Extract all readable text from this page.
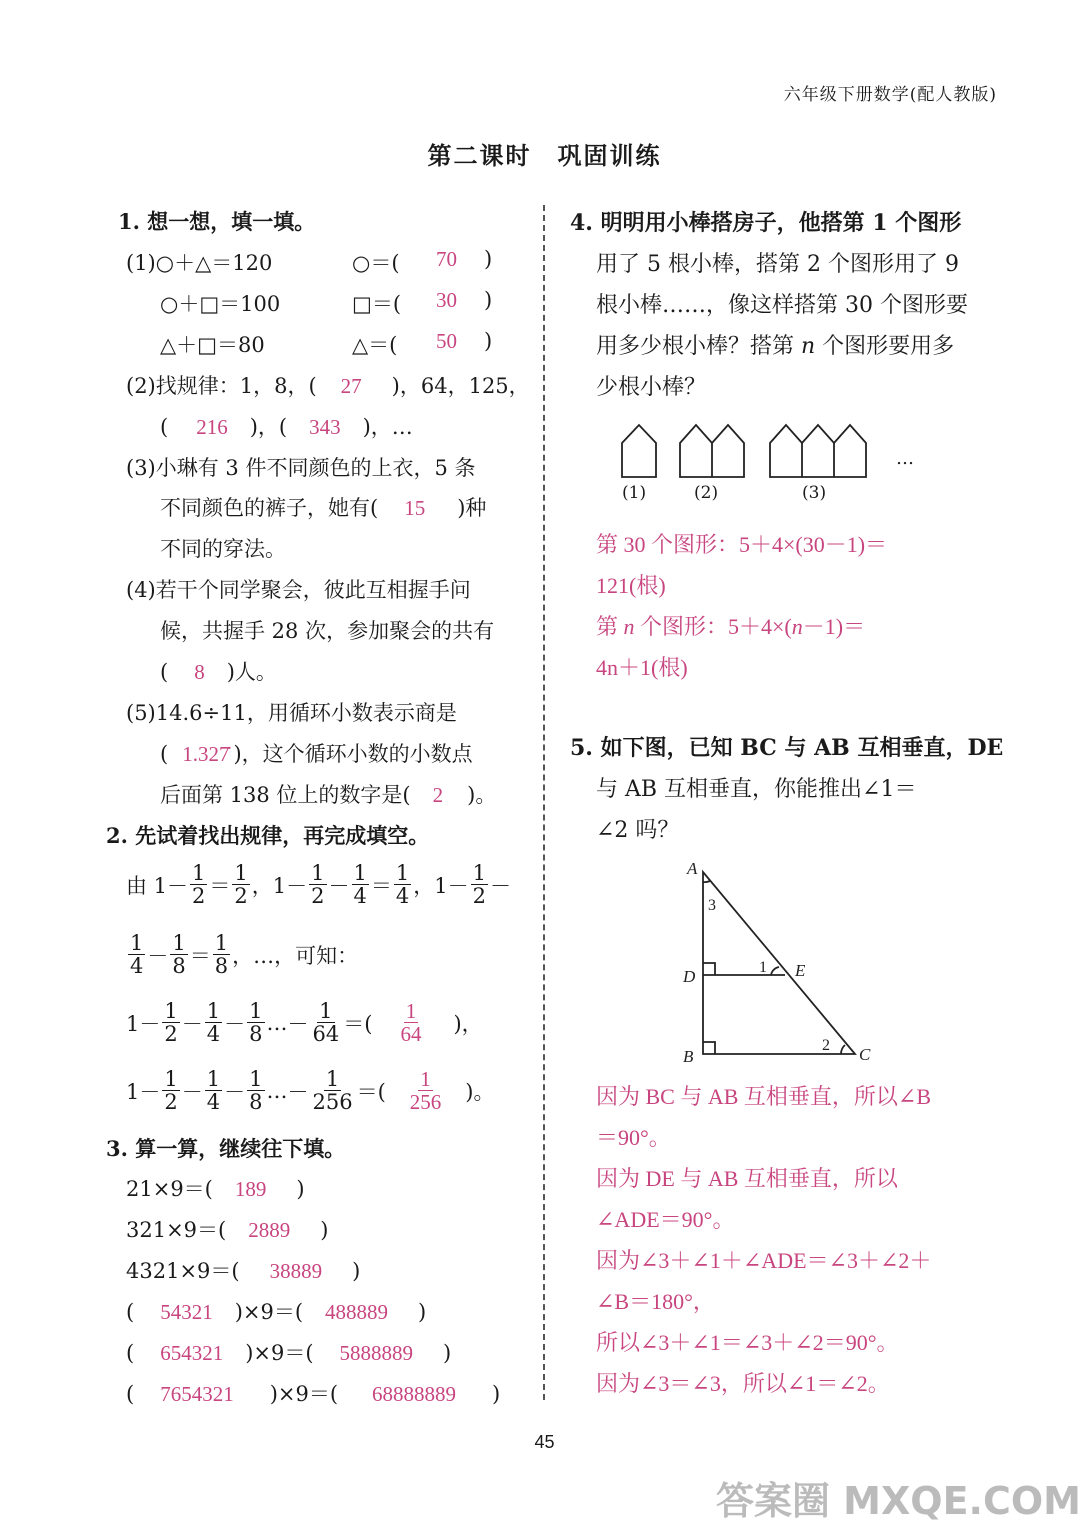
六年级下册数学(配人教版)
第二课时　巩固训练
1. 想一想，填一填。
(1)○＋△＝120	○＝( 70 )
○＋□＝100	□＝( 30 )
△＋□＝80	△＝( 50 )
(2)找规律：1，8，( 27 )，64，125，
( 216 )，( 343 )，…
(3)小琳有 3 件不同颜色的上衣，5 条
不同颜色的裤子，她有( 15 )种
不同的穿法。
(4)若干个同学聚会，彼此互相握手问
候，共握手 28 次，参加聚会的共有
( 8 )人。
(5)14.6÷11，用循环小数表示商是
( 1.327̇ )，这个循环小数的小数点
后面第 138 位上的数字是( 2 )。
2. 先试着找出规律，再完成填空。
由 $1- \frac{1}{2} = \frac{1}{2}$ ， $1- \frac{1}{2} - \frac{1}{4} = \frac{1}{4}$ ， $1- \frac{1}{2}$ －
$\frac{1}{4} - \frac{1}{8} = \frac{1}{8}$ ，…，可知：
$1- \frac{1}{2} - \frac{1}{4} - \frac{1}{8}$ … － $\frac{1}{64}$ ＝( $\frac{1}{64}$ )，
$1- \frac{1}{2} - \frac{1}{4} - \frac{1}{8}$ … － $\frac{1}{256}$ ＝( $\frac{1}{256}$ )。
3. 算一算，继续往下填。
21×9＝( 189 )
321×9＝( 2889 )
4321×9＝( 38889 )
( 54321 )×9＝( 488889 )
( 654321 )×9＝( 5888889 )
( 7654321 )×9＝( 68888889 )
4. 明明用小棒搭房子，他搭第 1 个图形
用了 5 根小棒，搭第 2 个图形用了 9
根小棒……，像这样搭第 30 个图形要
用多少根小棒？搭第 n 个图形要用多
少根小棒？
(1)	(2)	(3)
…
第 30 个图形：5＋4×(30－1)＝
121(根)
第 n 个图形：5＋4×(n－1)＝
4n＋1(根)
5. 如下图，已知 BC 与 AB 互相垂直，DE
与 AB 互相垂直，你能推出∠1＝
∠2 吗？
A
B	C
D	E
1
2
3
因为 BC 与 AB 互相垂直，所以∠B
＝90°。
因为 DE 与 AB 互相垂直，所以
∠ADE＝90°。
因为∠3＋∠1＋∠ADE＝∠3＋∠2＋
∠B＝180°，
所以∠3＋∠1＝∠3＋∠2＝90°。
因为∠3＝∠3，所以∠1＝∠2。
45
答案圈 MXQE.COM
